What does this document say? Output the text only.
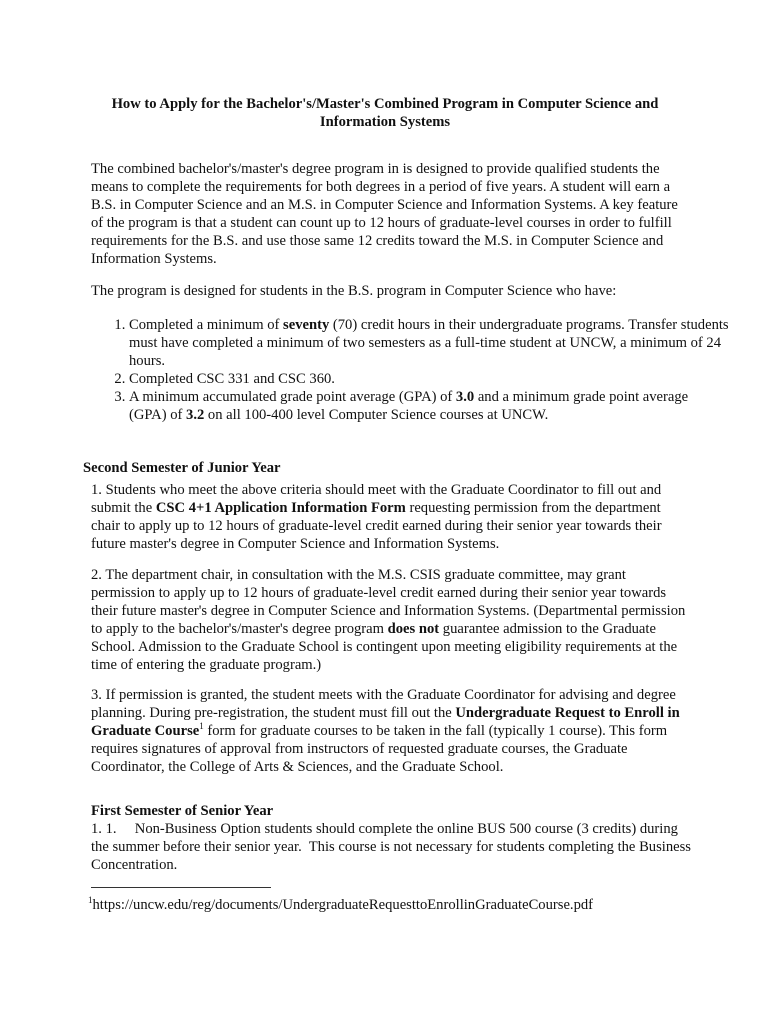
How to Apply for the Bachelor's/Master's Combined Program in Computer Science and Information Systems

The combined bachelor's/master's degree program in is designed to provide qualified students the means to complete the requirements for both degrees in a period of five years. A student will earn a B.S. in Computer Science and an M.S. in Computer Science and Information Systems. A key feature of the program is that a student can count up to 12 hours of graduate-level courses in order to fulfill requirements for the B.S. and use those same 12 credits toward the M.S. in Computer Science and Information Systems.

The program is designed for students in the B.S. program in Computer Science who have:

1. Completed a minimum of seventy (70) credit hours in their undergraduate programs. Transfer students must have completed a minimum of two semesters as a full-time student at UNCW, a minimum of 24 hours.
2. Completed CSC 331 and CSC 360.
3. A minimum accumulated grade point average (GPA) of 3.0 and a minimum grade point average (GPA) of 3.2 on all 100-400 level Computer Science courses at UNCW.
Second Semester of Junior Year

1. Students who meet the above criteria should meet with the Graduate Coordinator to fill out and submit the CSC 4+1 Application Information Form requesting permission from the department chair to apply up to 12 hours of graduate-level credit earned during their senior year towards their future master's degree in Computer Science and Information Systems.

2. The department chair, in consultation with the M.S. CSIS graduate committee, may grant permission to apply up to 12 hours of graduate-level credit earned during their senior year towards their future master's degree in Computer Science and Information Systems. (Departmental permission to apply to the bachelor's/master's degree program does not guarantee admission to the Graduate School. Admission to the Graduate School is contingent upon meeting eligibility requirements at the time of entering the graduate program.)

3. If permission is granted, the student meets with the Graduate Coordinator for advising and degree planning. During pre-registration, the student must fill out the Undergraduate Request to Enroll in Graduate Course$^1$ form for graduate courses to be taken in the fall (typically 1 course). This form requires signatures of approval from instructors of requested graduate courses, the Graduate Coordinator, the College of Arts & Sciences, and the Graduate School.

First Semester of Senior Year

1. 1.     Non-Business Option students should complete the online BUS 500 course (3 credits) during the summer before their senior year.  This course is not necessary for students completing the Business Concentration.

$^1$https://uncw.edu/reg/documents/UndergraduateRequesttoEnrollinGraduateCourse.pdf
